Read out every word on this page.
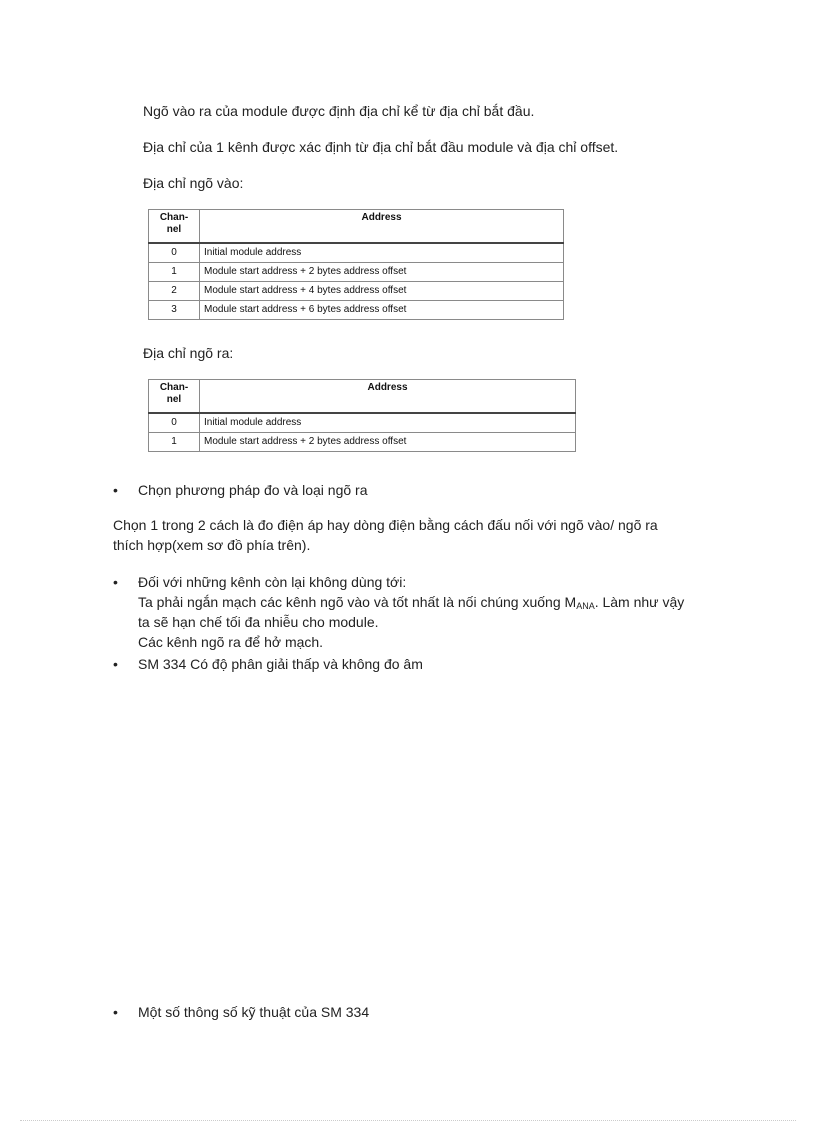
Ngõ vào ra của module được định địa chỉ kể từ địa chỉ bắt đầu.
Địa chỉ của 1 kênh được xác định từ địa chỉ bắt đầu module và địa chỉ offset.
Địa chỉ ngõ vào:
Chan-
nel	Address
0	Initial module address
1	Module start address + 2 bytes address offset
2	Module start address + 4 bytes address offset
3	Module start address + 6 bytes address offset
Địa chỉ ngõ ra:
Chan-
nel	Address
0	Initial module address
1	Module start address + 2 bytes address offset
• Chọn phương pháp đo và loại ngõ ra
Chọn 1 trong 2 cách là đo điện áp hay dòng điện bằng cách đấu nối với ngõ vào/ ngõ ra
thích hợp(xem sơ đồ phía trên).
• Đối với những kênh còn lại không dùng tới:
Ta phải ngắn mạch các kênh ngõ vào và tốt nhất là nối chúng xuống $M_{ANA}$. Làm như vậy
ta sẽ hạn chế tối đa nhiễu cho module.
Các kênh ngõ ra để hở mạch.
• SM 334 Có độ phân giải thấp và không đo âm
• Một số thông số kỹ thuật của SM 334
